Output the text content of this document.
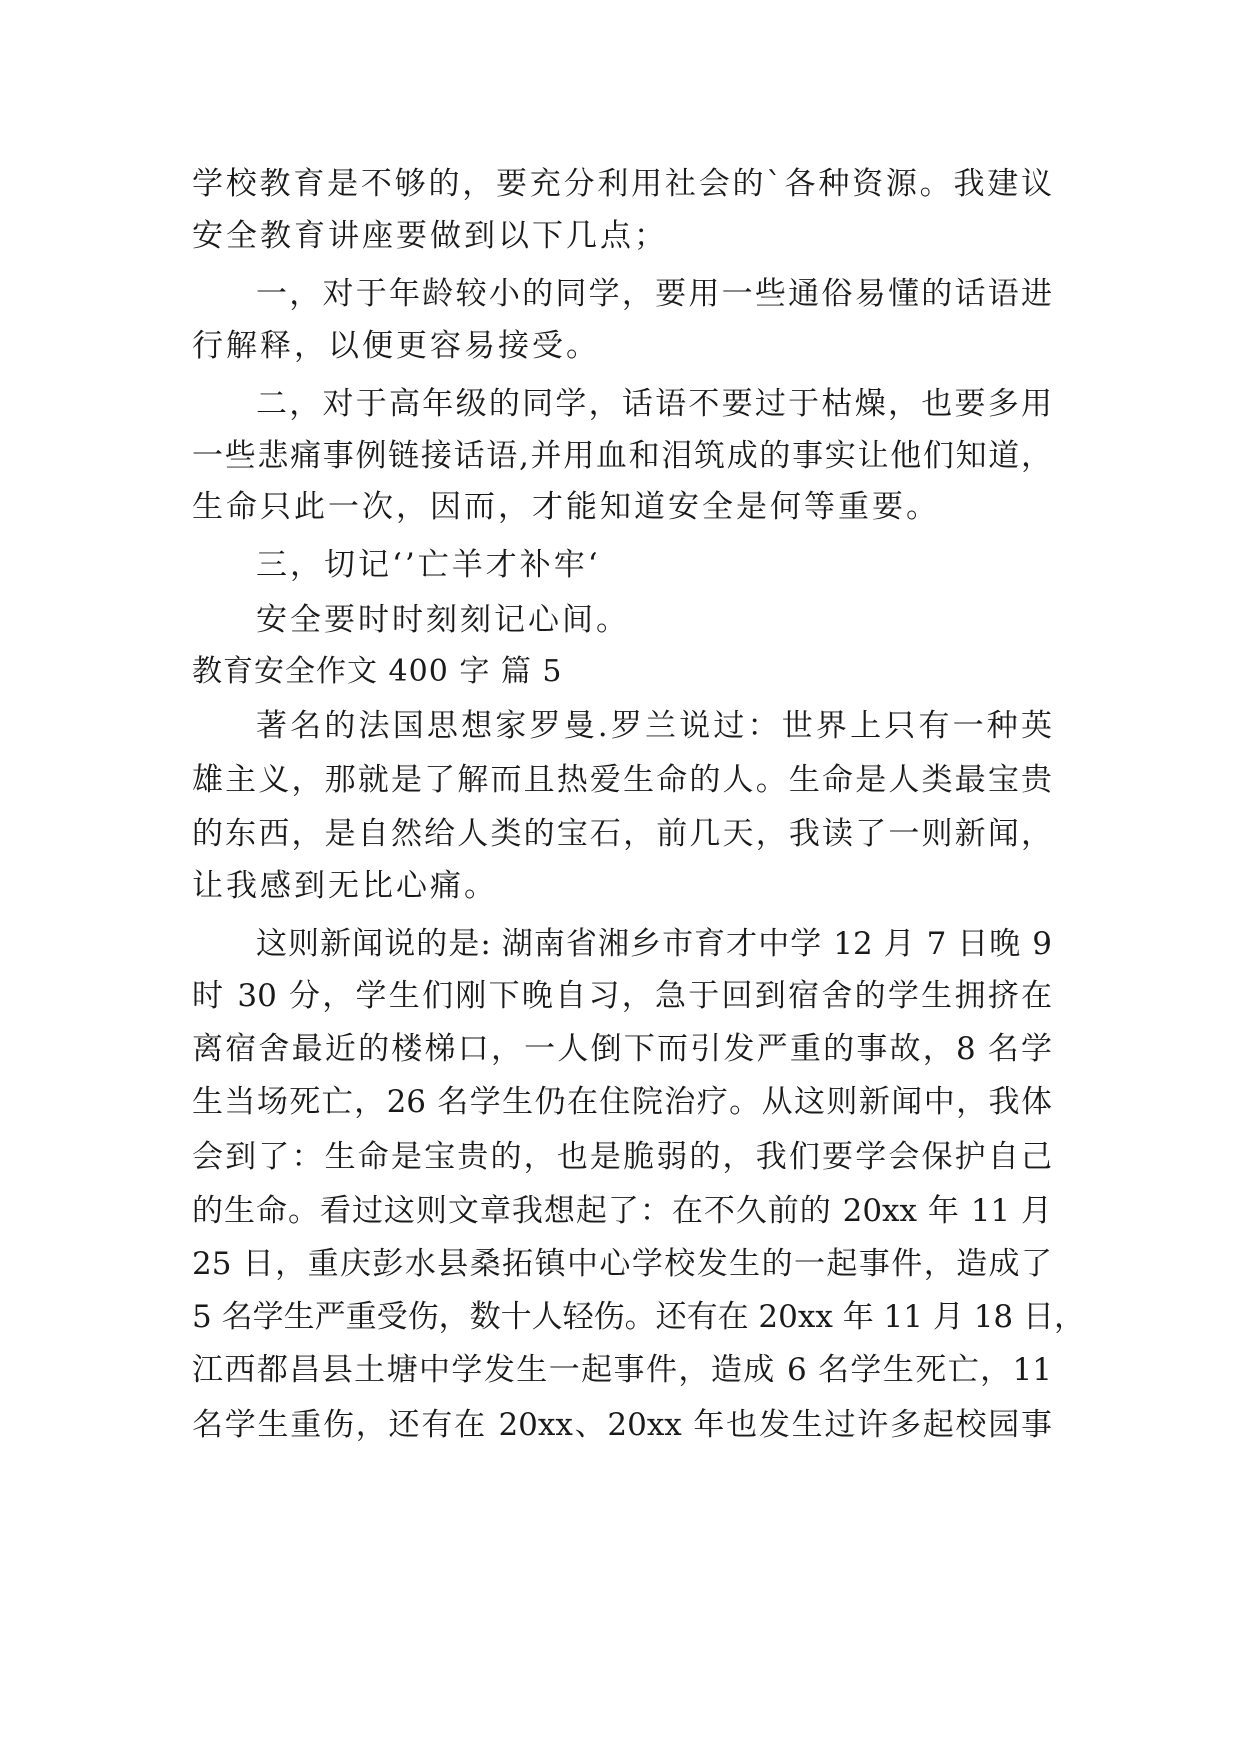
学校教育是不够的，要充分利用社会的`各种资源。我建议
安全教育讲座要做到以下几点；
一，对于年龄较小的同学，要用一些通俗易懂的话语进
行解释，以便更容易接受。
二，对于高年级的同学，话语不要过于枯燥，也要多用
一些悲痛事例链接话语,并用血和泪筑成的事实让他们知道，
生命只此一次，因而，才能知道安全是何等重要。
三，切记‘’亡羊才补牢‘
安全要时时刻刻记心间。
教育安全作文 400 字 篇 5
著名的法国思想家罗曼.罗兰说过：世界上只有一种英
雄主义，那就是了解而且热爱生命的人。生命是人类最宝贵
的东西，是自然给人类的宝石，前几天，我读了一则新闻，
让我感到无比心痛。
这则新闻说的是: 湖南省湘乡市育才中学 12 月 7 日晚 9
时 30 分，学生们刚下晚自习，急于回到宿舍的学生拥挤在
离宿舍最近的楼梯口，一人倒下而引发严重的事故，8 名学
生当场死亡，26 名学生仍在住院治疗。从这则新闻中，我体
会到了：生命是宝贵的，也是脆弱的，我们要学会保护自己
的生命。看过这则文章我想起了：在不久前的 20xx 年 11 月
25 日，重庆彭水县桑拓镇中心学校发生的一起事件，造成了
5 名学生严重受伤，数十人轻伤。还有在 20xx 年 11 月 18 日，
江西都昌县土塘中学发生一起事件，造成 6 名学生死亡，11
名学生重伤，还有在 20xx、20xx 年也发生过许多起校园事
